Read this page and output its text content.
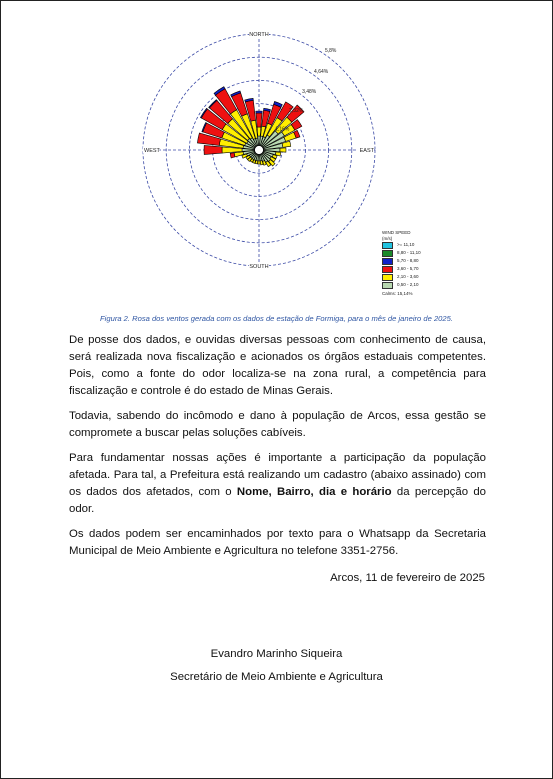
NORTH
SOUTH
WEST	EAST
1,16%
2,32%
3,48%
4,64%
5,8%
WIND SPEED
(m/s)
>= 11,10
8,80 - 11,10
5,70 - 8,80
3,60 - 5,70
2,10 - 3,60
0,50 - 2,10
Calms: 15,14%
Figura 2. Rosa dos ventos gerada com os dados de estação de Formiga, para o mês de janeiro de 2025.

De posse dos dados, e ouvidas diversas pessoas com conhecimento de causa, será realizada nova fiscalização e acionados os órgãos estaduais competentes. Pois, como a fonte do odor localiza-se na zona rural, a competência para fiscalização e controle é do estado de Minas Gerais.

Todavia, sabendo do incômodo e dano à população de Arcos, essa gestão se compromete a buscar pelas soluções cabíveis.

Para fundamentar nossas ações é importante a participação da população afetada. Para tal, a Prefeitura está realizando um cadastro (abaixo assinado) com os dados dos afetados, com o Nome, Bairro, dia e horário da percepção do odor.

Os dados podem ser encaminhados por texto para o Whatsapp da Secretaria Municipal de Meio Ambiente e Agricultura no telefone 3351-2756.

Arcos, 11 de fevereiro de 2025
Evandro Marinho Siqueira
Secretário de Meio Ambiente e Agricultura
